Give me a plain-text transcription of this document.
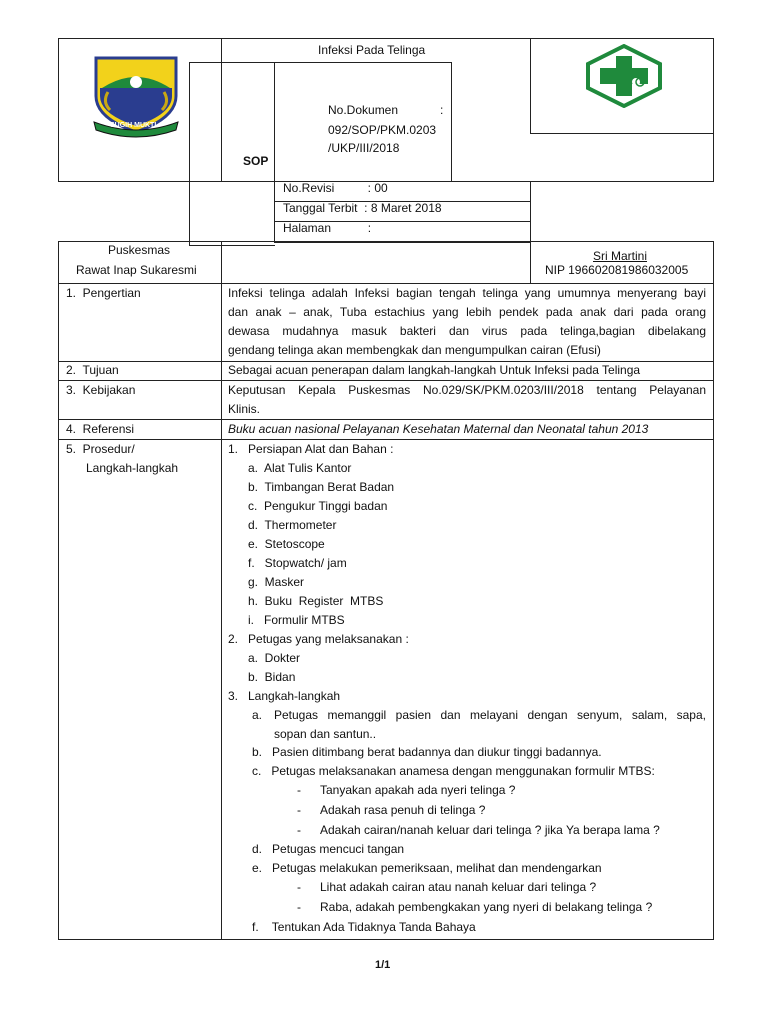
SUGIH MUKTI
Infeksi Pada Telinga
SOP
No.Dokumen	:
092/SOP/PKM.0203
/UKP/III/2018
No.Revisi          : 00
Tanggal Terbit  : 8 Maret 2018
Halaman           :
Puskesmas
Rawat Inap Sukaresmi
Sri Martini
NIP 196602081986032005
1.  Pengertian
2.  Tujuan
3.  Kebijakan
4.  Referensi
5.  Prosedur/
Langkah-langkah
Infeksi telinga adalah Infeksi bagian tengah telinga yang umumnya menyerang bayi
dan anak – anak, Tuba estachius yang lebih pendek pada anak dari pada orang
dewasa mudahnya masuk bakteri dan virus pada telinga,bagian dibelakang
gendang telinga akan membengkak dan mengumpulkan cairan (Efusi)
Sebagai acuan penerapan dalam langkah-langkah Untuk Infeksi pada Telinga
Keputusan Kepala Puskesmas No.029/SK/PKM.0203/III/2018 tentang Pelayanan
Klinis.
Buku acuan nasional Pelayanan Kesehatan Maternal dan Neonatal tahun 2013
1.   Persiapan Alat dan Bahan :
a.  Alat Tulis Kantor
b.  Timbangan Berat Badan
c.  Pengukur Tinggi badan
d.  Thermometer
e.  Stetoscope
f.   Stopwatch/ jam
g.  Masker
h.  Buku  Register  MTBS
i.   Formulir MTBS
2.   Petugas yang melaksanakan :
a.  Dokter
b.  Bidan
3.   Langkah-langkah
a. Petugas memanggil pasien dan melayani dengan senyum, salam, sapa,
sopan dan santun..
b.   Pasien ditimbang berat badannya dan diukur tinggi badannya.
c.   Petugas melaksanakan anamesa dengan menggunakan formulir MTBS:
- Tanyakan apakah ada nyeri telinga ?
- Adakah rasa penuh di telinga ?
- Adakah cairan/nanah keluar dari telinga ? jika Ya berapa lama ?
d.   Petugas mencuci tangan
e.   Petugas melakukan pemeriksaan, melihat dan mendengarkan
- Lihat adakah cairan atau nanah keluar dari telinga ?
- Raba, adakah pembengkakan yang nyeri di belakang telinga ?
f.    Tentukan Ada Tidaknya Tanda Bahaya
1/1
